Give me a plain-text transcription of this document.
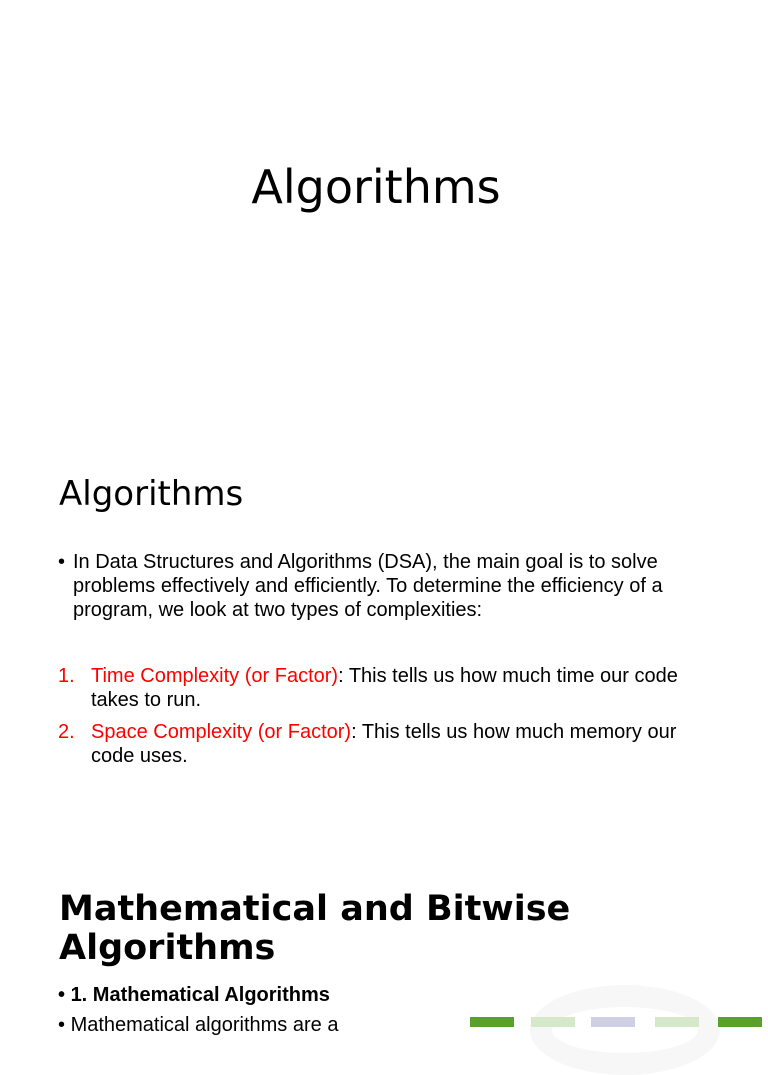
Algorithms
Algorithms
• In Data Structures and Algorithms (DSA), the main goal is to solve problems effectively and efficiently. To determine the efficiency of a program, we look at two types of complexities:
1. Time Complexity (or Factor): This tells us how much time our code takes to run.
2. Space Complexity (or Factor): This tells us how much memory our code uses.
Mathematical and Bitwise Algorithms
• 1. Mathematical Algorithms
• Mathematical algorithms are a
